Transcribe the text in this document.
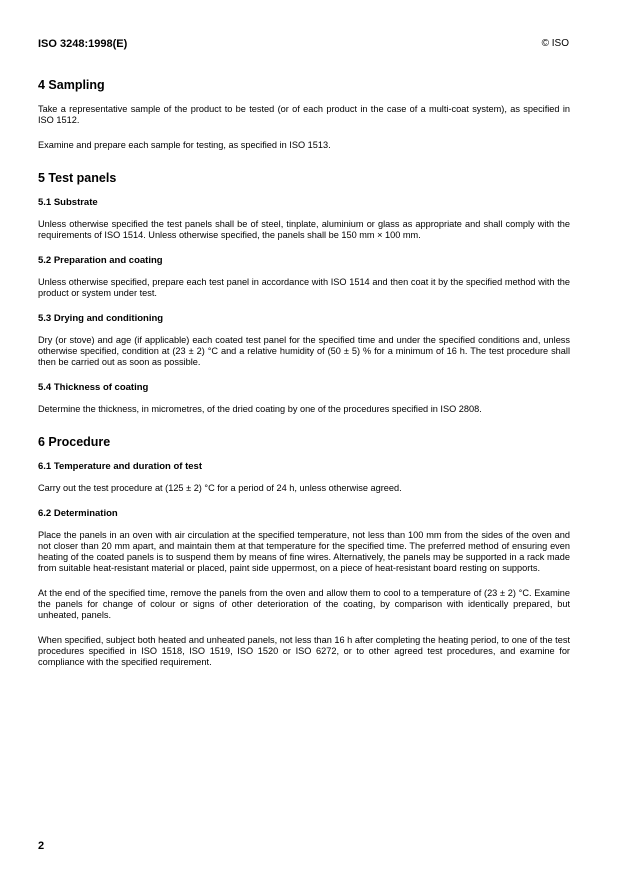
ISO 3248:1998(E)	© ISO
4 Sampling

Take a representative sample of the product to be tested (or of each product in the case of a multi-coat system), as specified in ISO 1512.

Examine and prepare each sample for testing, as specified in ISO 1513.

5 Test panels
5.1 Substrate

Unless otherwise specified the test panels shall be of steel, tinplate, aluminium or glass as appropriate and shall comply with the requirements of ISO 1514. Unless otherwise specified, the panels shall be 150 mm × 100 mm.

5.2 Preparation and coating

Unless otherwise specified, prepare each test panel in accordance with ISO 1514 and then coat it by the specified method with the product or system under test.

5.3 Drying and conditioning

Dry (or stove) and age (if applicable) each coated test panel for the specified time and under the specified conditions and, unless otherwise specified, condition at (23 ± 2) °C and a relative humidity of (50 ± 5) % for a minimum of 16 h. The test procedure shall then be carried out as soon as possible.

5.4 Thickness of coating

Determine the thickness, in micrometres, of the dried coating by one of the procedures specified in ISO 2808.

6 Procedure
6.1 Temperature and duration of test

Carry out the test procedure at (125 ± 2) °C for a period of 24 h, unless otherwise agreed.

6.2 Determination

Place the panels in an oven with air circulation at the specified temperature, not less than 100 mm from the sides of the oven and not closer than 20 mm apart, and maintain them at that temperature for the specified time. The preferred method of ensuring even heating of the coated panels is to suspend them by means of fine wires. Alternatively, the panels may be supported in a rack made from suitable heat-resistant material or placed, paint side uppermost, on a piece of heat-resistant board resting on supports.

At the end of the specified time, remove the panels from the oven and allow them to cool to a temperature of (23 ± 2) °C. Examine the panels for change of colour or signs of other deterioration of the coating, by comparison with identically prepared, but unheated, panels.

When specified, subject both heated and unheated panels, not less than 16 h after completing the heating period, to one of the test procedures specified in ISO 1518, ISO 1519, ISO 1520 or ISO 6272, or to other agreed test procedures, and examine for compliance with the specified requirement.

2
